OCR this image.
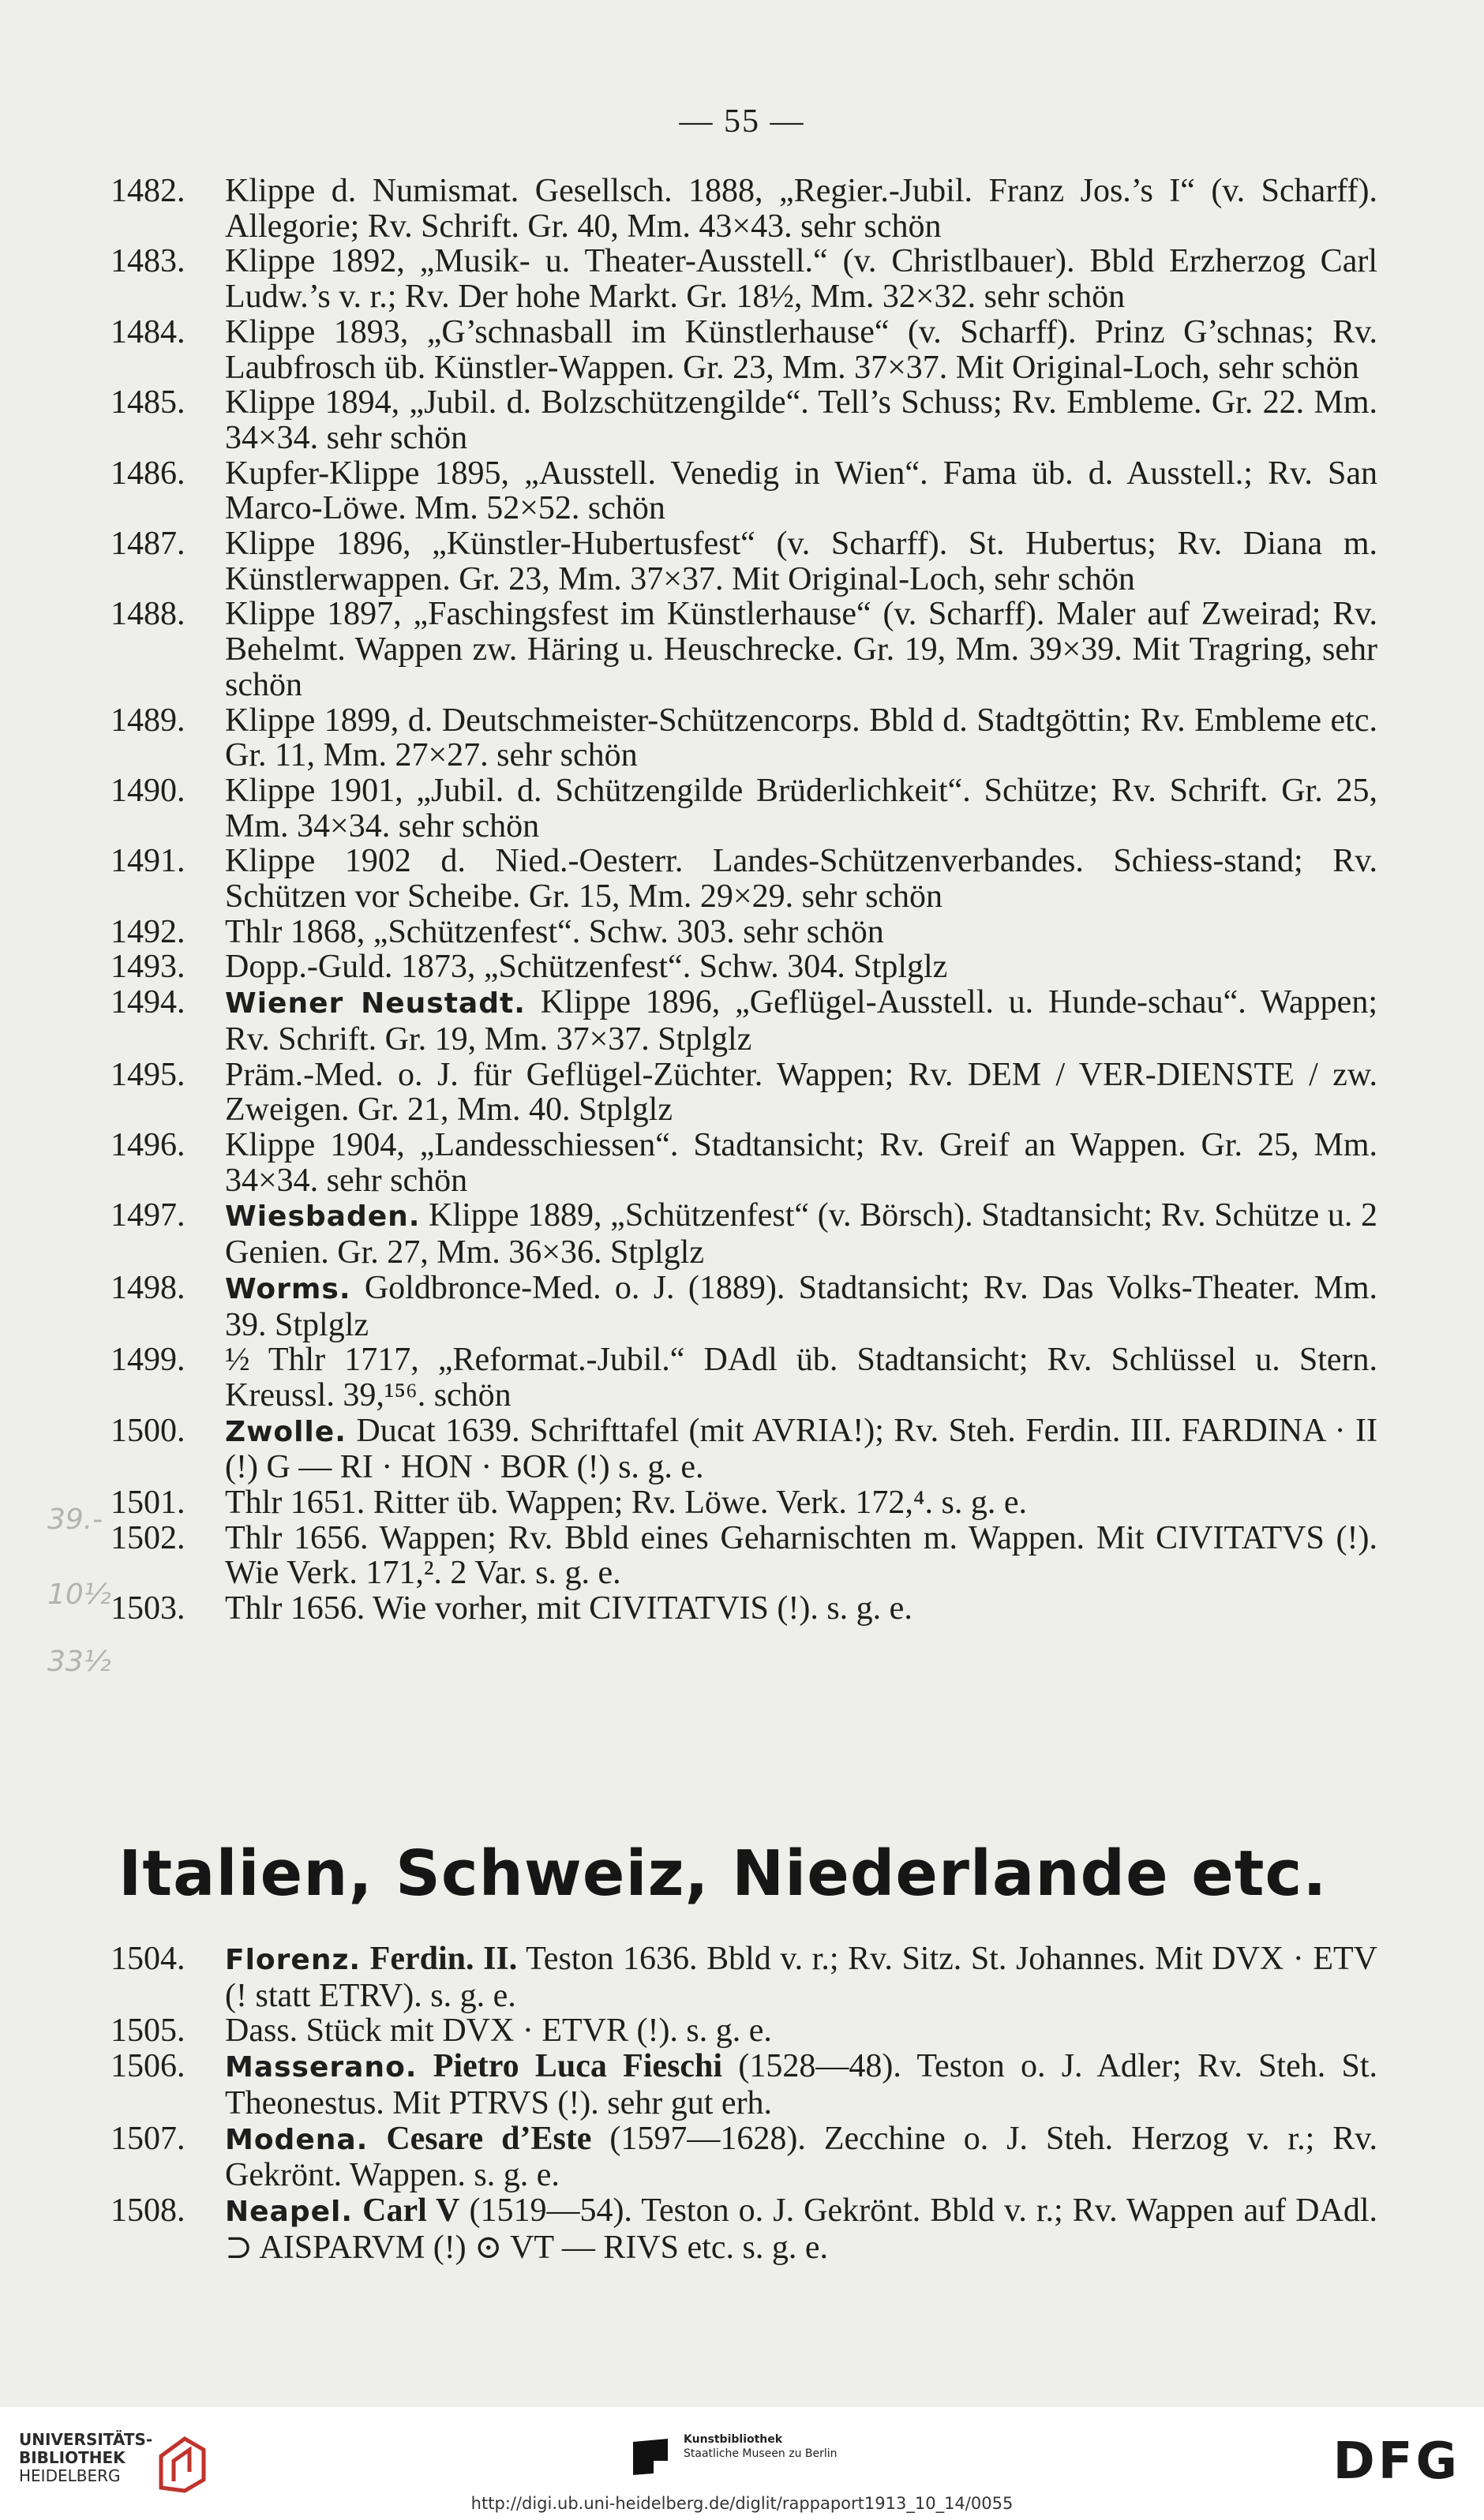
— 55 —
1482.	Klippe d. Numismat. Gesellsch. 1888, „Regier.-Jubil. Franz Jos.’s I“ (v. Scharff). Allegorie; Rv. Schrift. Gr. 40, Mm. 43×43. sehr schön
1483.	Klippe 1892, „Musik- u. Theater-Ausstell.“ (v. Christlbauer). Bbld Erzherzog Carl Ludw.’s v. r.; Rv. Der hohe Markt. Gr. 18½, Mm. 32×32. sehr schön
1484.	Klippe 1893, „G’schnasball im Künstlerhause“ (v. Scharff). Prinz G’schnas; Rv. Laubfrosch üb. Künstler-Wappen. Gr. 23, Mm. 37×37. Mit Original-Loch, sehr schön
1485.	Klippe 1894, „Jubil. d. Bolzschützengilde“. Tell’s Schuss; Rv. Embleme. Gr. 22. Mm. 34×34. sehr schön
1486.	Kupfer-Klippe 1895, „Ausstell. Venedig in Wien“. Fama üb. d. Ausstell.; Rv. San Marco-Löwe. Mm. 52×52. schön
1487.	Klippe 1896, „Künstler-Hubertusfest“ (v. Scharff). St. Hubertus; Rv. Diana m. Künstlerwappen. Gr. 23, Mm. 37×37. Mit Original-Loch, sehr schön
1488.	Klippe 1897, „Faschingsfest im Künstlerhause“ (v. Scharff). Maler auf Zweirad; Rv. Behelmt. Wappen zw. Häring u. Heuschrecke. Gr. 19, Mm. 39×39. Mit Tragring, sehr schön
1489.	Klippe 1899, d. Deutschmeister-Schützencorps. Bbld d. Stadtgöttin; Rv. Embleme etc. Gr. 11, Mm. 27×27. sehr schön
1490.	Klippe 1901, „Jubil. d. Schützengilde Brüderlichkeit“. Schütze; Rv. Schrift. Gr. 25, Mm. 34×34. sehr schön
1491.	Klippe 1902 d. Nied.-Oesterr. Landes-Schützenverbandes. Schiess-stand; Rv. Schützen vor Scheibe. Gr. 15, Mm. 29×29. sehr schön
1492.	Thlr 1868, „Schützenfest“. Schw. 303. sehr schön
1493.	Dopp.-Guld. 1873, „Schützenfest“. Schw. 304. Stplglz
1494.	Wiener Neustadt. Klippe 1896, „Geflügel-Ausstell. u. Hunde-schau“. Wappen; Rv. Schrift. Gr. 19, Mm. 37×37. Stplglz
1495.	Präm.-Med. o. J. für Geflügel-Züchter. Wappen; Rv. DEM / VER-DIENSTE / zw. Zweigen. Gr. 21, Mm. 40. Stplglz
1496.	Klippe 1904, „Landesschiessen“. Stadtansicht; Rv. Greif an Wappen. Gr. 25, Mm. 34×34. sehr schön
1497.	Wiesbaden. Klippe 1889, „Schützenfest“ (v. Börsch). Stadtansicht; Rv. Schütze u. 2 Genien. Gr. 27, Mm. 36×36. Stplglz
1498.	Worms. Goldbronce-Med. o. J. (1889). Stadtansicht; Rv. Das Volks-Theater. Mm. 39. Stplglz
1499.	½ Thlr 1717, „Reformat.-Jubil.“ DAdl üb. Stadtansicht; Rv. Schlüssel u. Stern. Kreussl. 39,¹⁵⁶. schön
1500.	Zwolle. Ducat 1639. Schrifttafel (mit AVRIA!); Rv. Steh. Ferdin. III. FARDINA · II (!) G — RI · HON · BOR (!) s. g. e.
1501.	Thlr 1651. Ritter üb. Wappen; Rv. Löwe. Verk. 172,⁴. s. g. e.
1502.	Thlr 1656. Wappen; Rv. Bbld eines Geharnischten m. Wappen. Mit CIVITATVS (!). Wie Verk. 171,². 2 Var. s. g. e.
1503.	Thlr 1656. Wie vorher, mit CIVITATVIS (!). s. g. e.
Italien, Schweiz, Niederlande etc.
1504.	Florenz. Ferdin. II. Teston 1636. Bbld v. r.; Rv. Sitz. St. Johannes. Mit DVX · ETV (! statt ETRV). s. g. e.
1505.	Dass. Stück mit DVX · ETVR (!). s. g. e.
1506.	Masserano. Pietro Luca Fieschi (1528—48). Teston o. J. Adler; Rv. Steh. St. Theonestus. Mit PTRVS (!). sehr gut erh.
1507.	Modena. Cesare d’Este (1597—1628). Zecchine o. J. Steh. Herzog v. r.; Rv. Gekrönt. Wappen. s. g. e.
1508.	Neapel. Carl V (1519—54). Teston o. J. Gekrönt. Bbld v. r.; Rv. Wappen auf DAdl. ⊃ AISPARVM (!) ⊙ VT — RIVS etc. s. g. e.
39.-
10½
33½
UNIVERSITÄTS-
BIBLIOTHEK
HEIDELBERG
Kunstbibliothek
Staatliche Museen zu Berlin	DFG
http://digi.ub.uni-heidelberg.de/diglit/rappaport1913_10_14/0055
